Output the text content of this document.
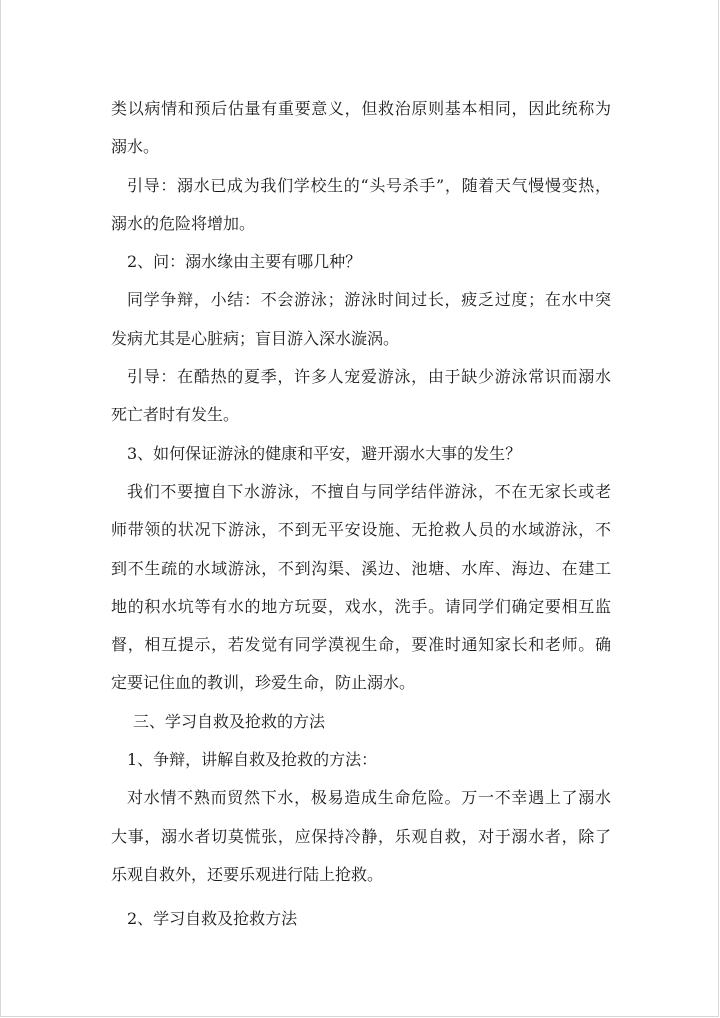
类以病情和预后估量有重要意义，但救治原则基本相同，因此统称为
溺水。
引导：溺水已成为我们学校生的“头号杀手”，随着天气慢慢变热，
溺水的危险将增加。
2、问：溺水缘由主要有哪几种？
同学争辩，小结：不会游泳；游泳时间过长，疲乏过度；在水中突
发病尤其是心脏病；盲目游入深水漩涡。
引导：在酷热的夏季，许多人宠爱游泳，由于缺少游泳常识而溺水
死亡者时有发生。
3、如何保证游泳的健康和平安，避开溺水大事的发生？
我们不要擅自下水游泳，不擅自与同学结伴游泳，不在无家长或老
师带领的状况下游泳，不到无平安设施、无抢救人员的水域游泳，不
到不生疏的水域游泳，不到沟渠、溪边、池塘、水库、海边、在建工
地的积水坑等有水的地方玩耍，戏水，洗手。请同学们确定要相互监
督，相互提示，若发觉有同学漠视生命，要准时通知家长和老师。确
定要记住血的教训，珍爱生命，防止溺水。
三、学习自救及抢救的方法
1、争辩，讲解自救及抢救的方法：
对水情不熟而贸然下水，极易造成生命危险。万一不幸遇上了溺水
大事，溺水者切莫慌张，应保持冷静，乐观自救，对于溺水者，除了
乐观自救外，还要乐观进行陆上抢救。
2、学习自救及抢救方法
